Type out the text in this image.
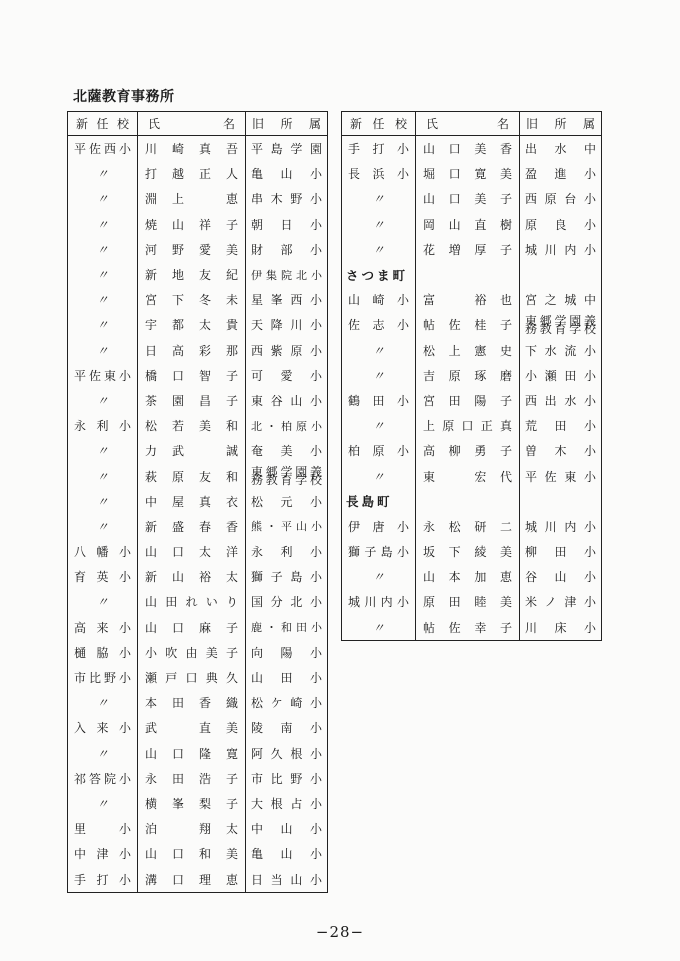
北薩教育事務所
新任校	氏 名	旧所属
平佐西小	川崎真吾	平島学園
〃	打越正人	亀山小
〃	淵上　恵	串木野小
〃	焼山祥子	朝日小
〃	河野愛美	財部小
〃	新地友紀	伊集院北小
〃	宮下冬未	星峯西小
〃	宇都太貴	天降川小
〃	日高彩那	西紫原小
平佐東小	橋口智子	可愛小
〃	茶園昌子	東谷山小
永利小	松若美和	北・柏原小
〃	力武　誠	奄美小
〃	萩原友和	東郷学園義務教育学校
〃	中屋真衣	松元小
〃	新盛春香	熊・平山小
八幡小	山口太洋	永利小
育英小	新山裕太	獅子島小
〃	山田れいり	国分北小
高来小	山口麻子	鹿・和田小
樋脇小	小吹由美子	向陽小
市比野小	瀬戸口典久	山田小
〃	本田香織	松ケ崎小
入来小	武　直美	陵南小
〃	山口隆寛	阿久根小
祁答院小	永田浩子	市比野小
〃	横峯梨子	大根占小
里小	泊　翔太	中山小
中津小	山口和美	亀山小
手打小	溝口理恵	日当山小
新任校	氏 名	旧所属
手打小	山口美香	出水中
長浜小	堀口寛美	盈進小
〃	山口美子	西原台小
〃	岡山直樹	原良小
〃	花増厚子	城川内小
さつま町		
山崎小	富　裕也	宮之城中
佐志小	帖佐桂子	東郷学園義務教育学校
〃	松上憲史	下水流小
〃	吉原琢磨	小瀬田小
鶴田小	宮田陽子	西出水小
〃	上原口正真	荒田小
柏原小	高柳勇子	曽木小
〃	東　宏代	平佐東小
長島町		
伊唐小	永松研二	城川内小
獅子島小	坂下綾美	柳田小
〃	山本加恵	谷山小
城川内小	原田睦美	米ノ津小
〃	帖佐幸子	川床小
−28−
